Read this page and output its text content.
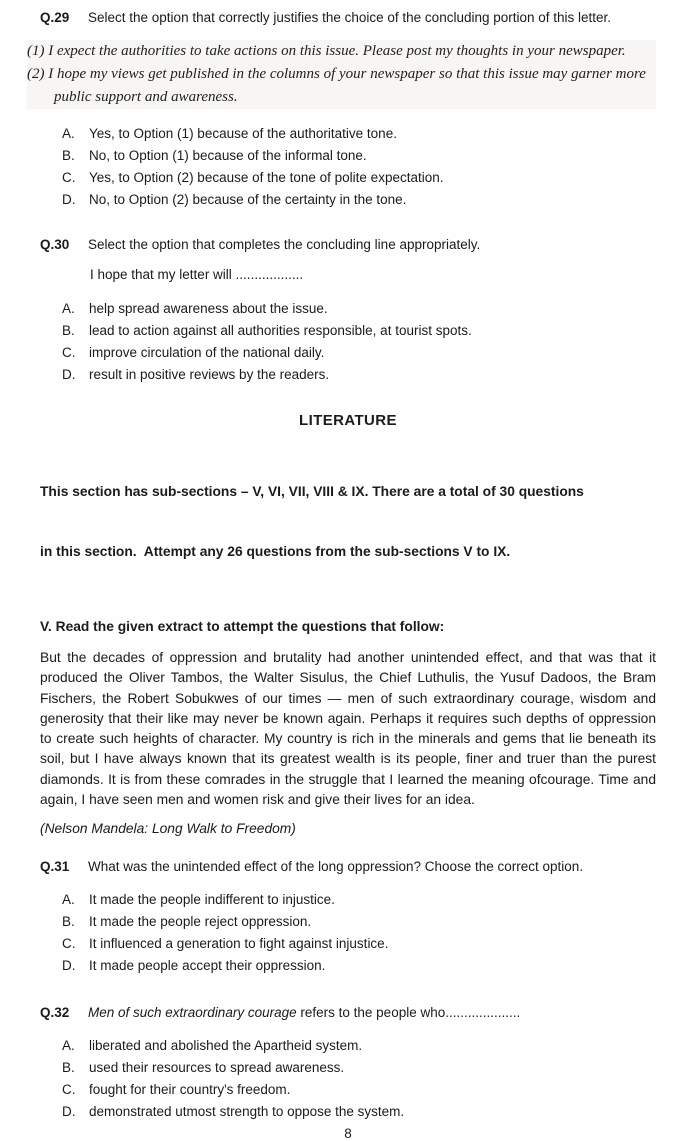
Q.29	Select the option that correctly justifies the choice of the concluding portion of this letter.
(1) I expect the authorities to take actions on this issue. Please post my thoughts in your newspaper.
(2) I hope my views get published in the columns of your newspaper so that this issue may garner more public support and awareness.
A.	Yes, to Option (1) because of the authoritative tone.
B.	No, to Option (1) because of the informal tone.
C.	Yes, to Option (2) because of the tone of polite expectation.
D.	No, to Option (2) because of the certainty in the tone.
Q.30	Select the option that completes the concluding line appropriately.
I hope that my letter will ..................
A.	help spread awareness about the issue.
B.	lead to action against all authorities responsible, at tourist spots.
C.	improve circulation of the national daily.
D.	result in positive reviews by the readers.
LITERATURE

This section has sub-sections – V, VI, VII, VIII & IX. There are a total of 30 questions

in this section.  Attempt any 26 questions from the sub-sections V to IX.

V. Read the given extract to attempt the questions that follow:
But the decades of oppression and brutality had another unintended effect, and that was that it produced the Oliver Tambos, the Walter Sisulus, the Chief Luthulis, the Yusuf Dadoos, the Bram Fischers, the Robert Sobukwes of our times — men of such extraordinary courage, wisdom and generosity that their like may never be known again. Perhaps it requires such depths of oppression to create such heights of character. My country is rich in the minerals and gems that lie beneath its soil, but I have always known that its greatest wealth is its people, finer and truer than the purest diamonds. It is from these comrades in the struggle that I learned the meaning ofcourage. Time and again, I have seen men and women risk and give their lives for an idea.
(Nelson Mandela: Long Walk to Freedom)
Q.31	What was the unintended effect of the long oppression? Choose the correct option.
A.	It made the people indifferent to injustice.
B.	It made the people reject oppression.
C.	It influenced a generation to fight against injustice.
D.	It made people accept their oppression.
Q.32	Men of such extraordinary courage refers to the people who....................
A.	liberated and abolished the Apartheid system.
B.	used their resources to spread awareness.
C.	fought for their country's freedom.
D.	demonstrated utmost strength to oppose the system.
8
